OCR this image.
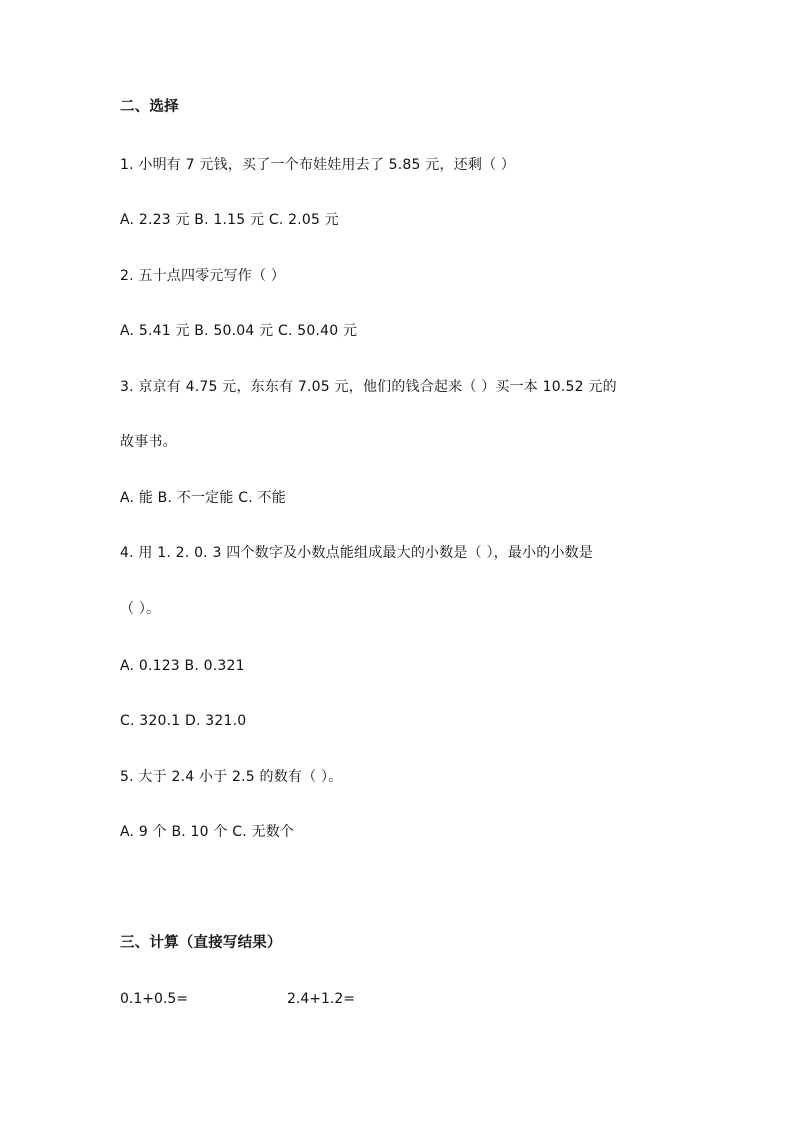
二、选择
1. 小明有 7 元钱，买了一个布娃娃用去了 5.85 元，还剩（ ）
A. 2.23 元 B. 1.15 元 C. 2.05 元
2. 五十点四零元写作（ ）
A. 5.41 元 B. 50.04 元 C. 50.40 元
3. 京京有 4.75 元，东东有 7.05 元，他们的钱合起来（ ）买一本 10.52 元的
故事书。
A. 能 B. 不一定能 C. 不能
4. 用 1. 2. 0. 3 四个数字及小数点能组成最大的小数是（ ），最小的小数是
（ ）。
A. 0.123 B. 0.321
C. 320.1 D. 321.0
5. 大于 2.4 小于 2.5 的数有（ ）。
A. 9 个 B. 10 个 C. 无数个
三、计算（直接写结果）
0.1+0.5=	2.4+1.2=
